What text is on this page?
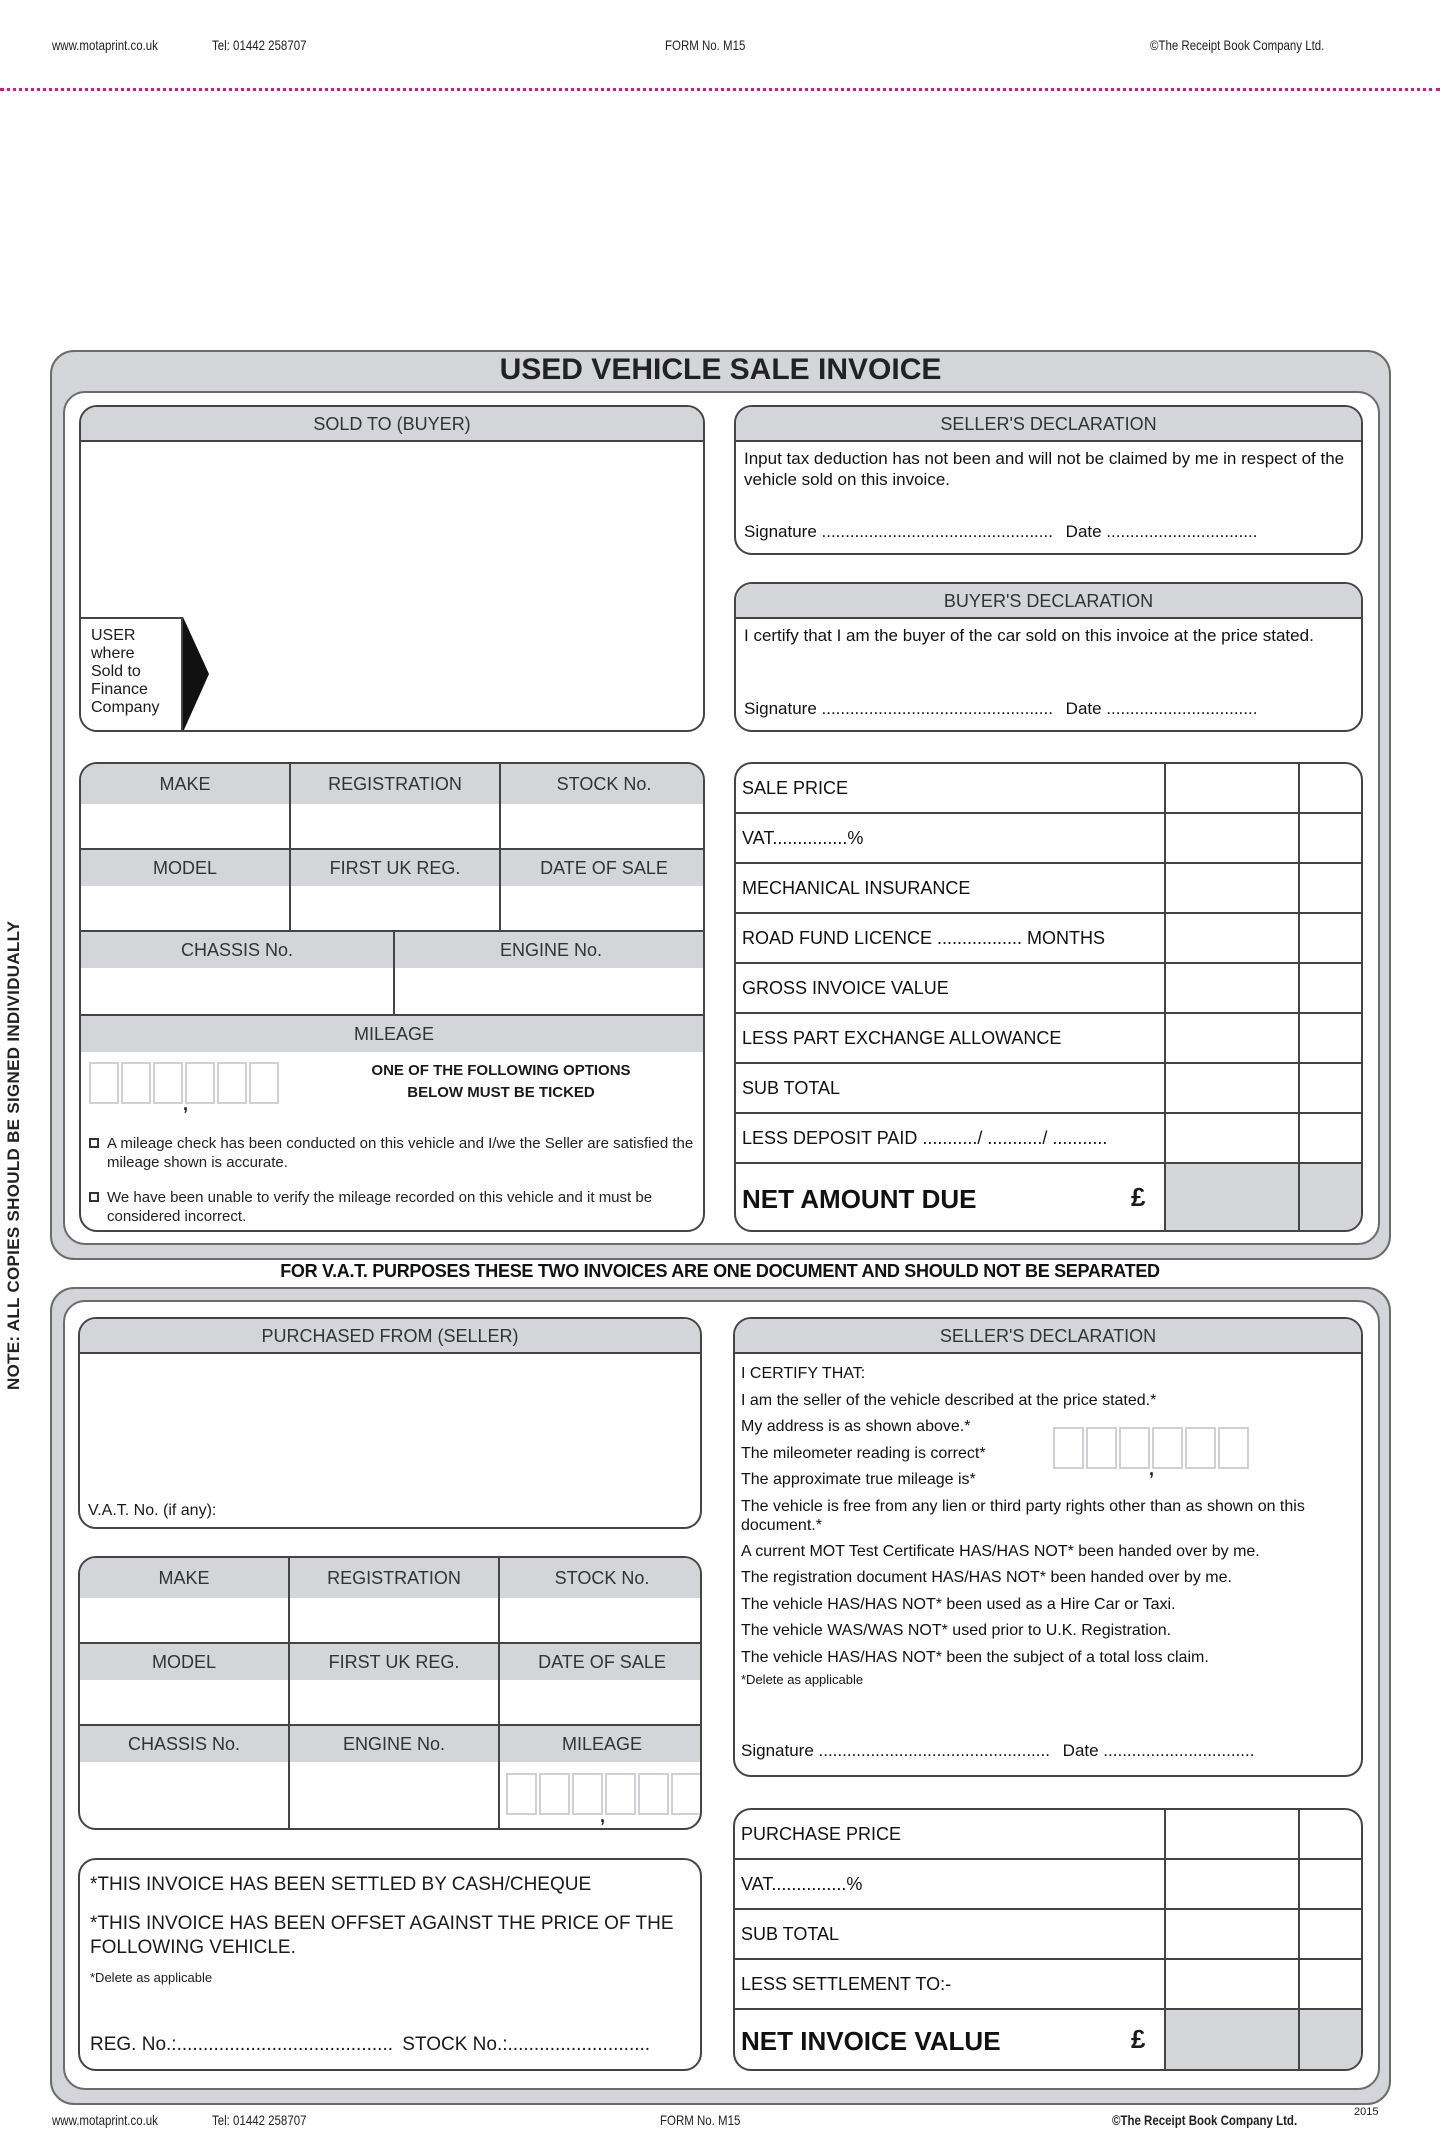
www.motaprint.co.uk	Tel: 01442 258707	FORM No. M15	©The Receipt Book Company Ltd.
NOTE: ALL COPIES SHOULD BE SIGNED INDIVIDUALLY
USED VEHICLE SALE INVOICE
SOLD TO (BUYER)
USER
where
Sold to
Finance
Company
SELLER'S DECLARATION
Input tax deduction has not been and will not be claimed by me in respect of the vehicle sold on this invoice.
Signature ................................................. Date ................................
BUYER'S DECLARATION
I certify that I am the buyer of the car sold on this invoice at the price stated.
Signature ................................................. Date ................................
MAKE	REGISTRATION	STOCK No.
MODEL	FIRST UK REG.	DATE OF SALE
CHASSIS No.	ENGINE No.
MILEAGE
,
ONE OF THE FOLLOWING OPTIONS
BELOW MUST BE TICKED
A mileage check has been conducted on this vehicle and I/we the Seller are satisfied the mileage shown is accurate.
We have been unable to verify the mileage recorded on this vehicle and it must be considered incorrect.
SALE PRICE
VAT...............%
MECHANICAL INSURANCE
ROAD FUND LICENCE ................. MONTHS
GROSS INVOICE VALUE
LESS PART EXCHANGE ALLOWANCE
SUB TOTAL
LESS DEPOSIT PAID .........../ .........../ ...........
NET AMOUNT DUE	£
FOR V.A.T. PURPOSES THESE TWO INVOICES ARE ONE DOCUMENT AND SHOULD NOT BE SEPARATED
PURCHASED FROM (SELLER)
V.A.T. No. (if any):
MAKE	REGISTRATION	STOCK No.
MODEL	FIRST UK REG.	DATE OF SALE
CHASSIS No.	ENGINE No.	MILEAGE
,
*THIS INVOICE HAS BEEN SETTLED BY CASH/CHEQUE
*THIS INVOICE HAS BEEN OFFSET AGAINST THE PRICE OF THE FOLLOWING VEHICLE.
*Delete as applicable
REG. No.:......................................... STOCK No.:...........................
SELLER'S DECLARATION
I CERTIFY THAT:
I am the seller of the vehicle described at the price stated.*
My address is as shown above.*
The mileometer reading is correct*
The approximate true mileage is*
The vehicle is free from any lien or third party rights other than as shown on this document.*
A current MOT Test Certificate HAS/HAS NOT* been handed over by me.
The registration document HAS/HAS NOT* been handed over by me.
The vehicle HAS/HAS NOT* been used as a Hire Car or Taxi.
The vehicle WAS/WAS NOT* used prior to U.K. Registration.
The vehicle HAS/HAS NOT* been the subject of a total loss claim.
*Delete as applicable
,
Signature ................................................. Date ................................
PURCHASE PRICE
VAT...............%
SUB TOTAL
LESS SETTLEMENT TO:-
NET INVOICE VALUE	£
www.motaprint.co.uk	Tel: 01442 258707	FORM No. M15	©The Receipt Book Company Ltd.	2015
